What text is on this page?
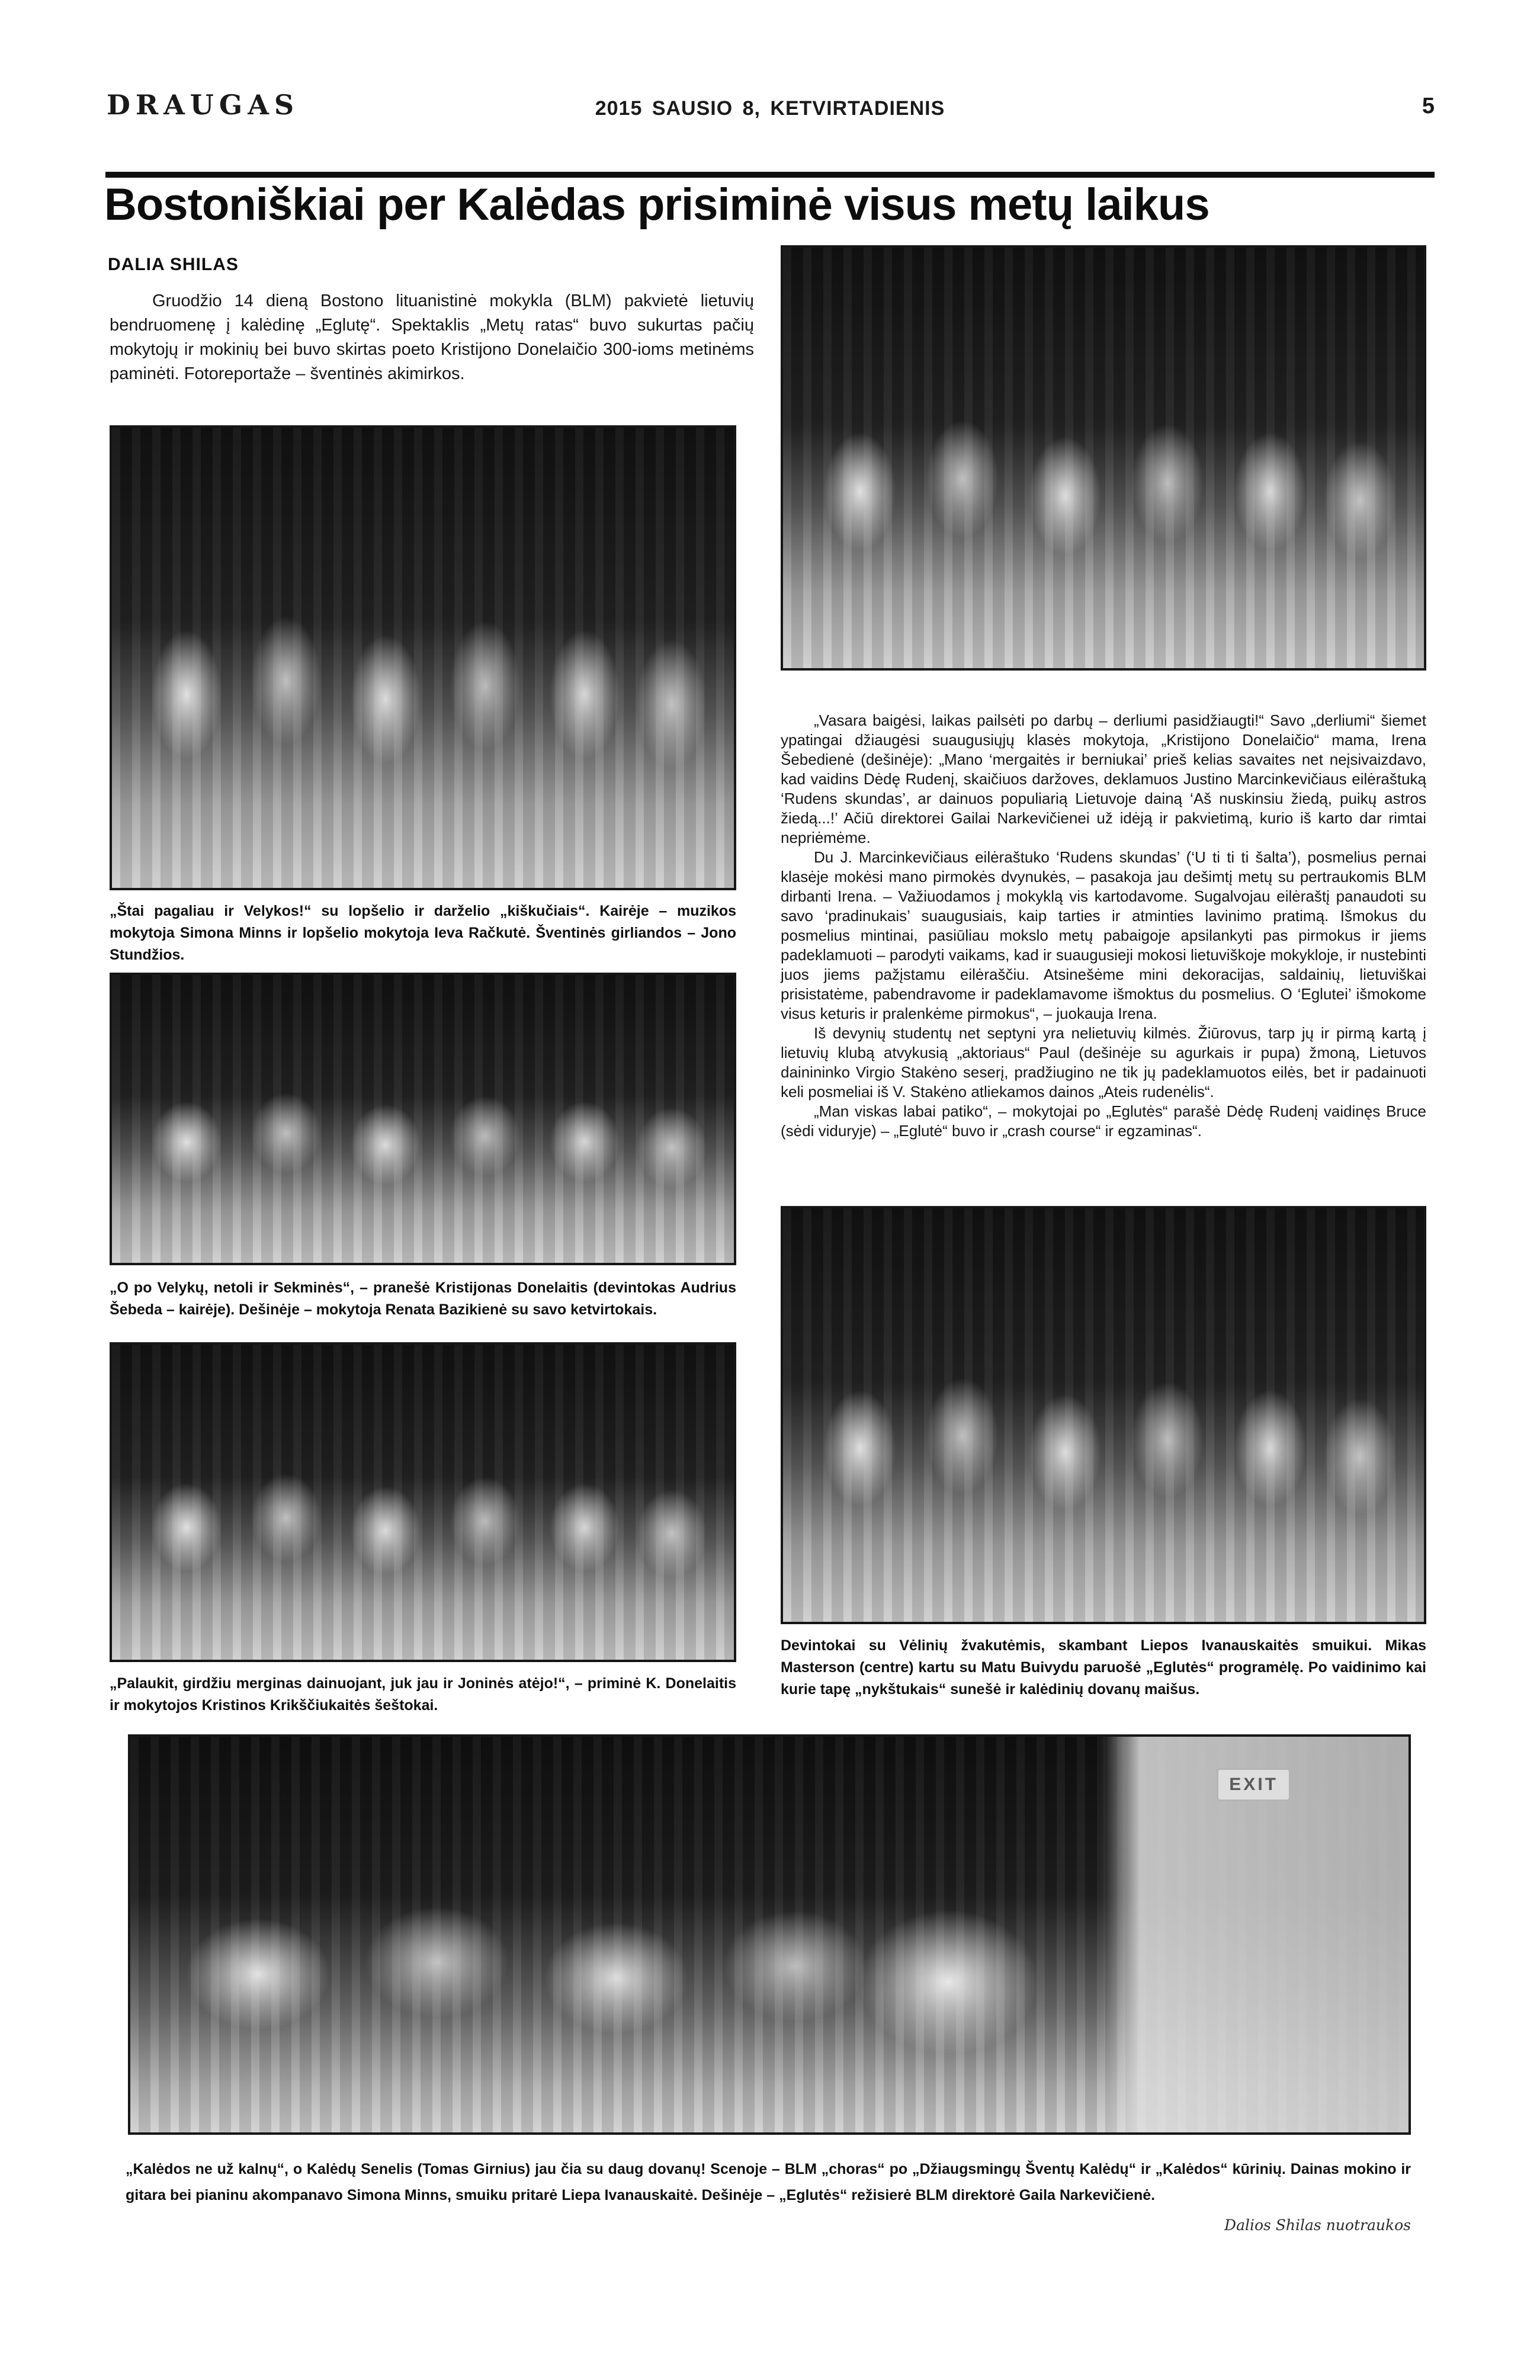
DRAUGAS	2015 SAUSIO 8, KETVIRTADIENIS	5
Bostoniškiai per Kalėdas prisiminė visus metų laikus
DALIA SHILAS

Gruodžio 14 dieną Bostono lituanistinė mokykla (BLM) pakvietė lietuvių bendruomenę į kalėdinę „Eglutę“. Spektaklis „Metų ratas“ buvo sukurtas pačių mokytojų ir mokinių bei buvo skirtas poeto Kristijono Donelaičio 300-ioms metinėms paminėti. Fotoreportaže – šventinės akimirkos.

„Štai pagaliau ir Velykos!“ su lopšelio ir darželio „kiškučiais“. Kairėje – muzikos mokytoja Simona Minns ir lopšelio mokytoja Ieva Račkutė. Šventinės girliandos – Jono Stundžios.
„O po Velykų, netoli ir Sekminės“, – pranešė Kristijonas Donelaitis (devintokas Audrius Šebeda – kairėje). Dešinėje – mokytoja Renata Bazikienė su savo ketvirtokais.
„Palaukit, girdžiu merginas dainuojant, juk jau ir Joninės atėjo!“, – priminė K. Donelaitis ir mokytojos Kristinos Krikščiukaitės šeštokai.

„Vasara baigėsi, laikas pailsėti po darbų – derliumi pasidžiaugti!“ Savo „derliumi“ šiemet ypatingai džiaugėsi suaugusiųjų klasės mokytoja, „Kristijono Donelaičio“ mama, Irena Šebedienė (dešinėje): „Mano ‘mergaitės ir berniukai’ prieš kelias savaites net neįsivaizdavo, kad vaidins Dėdę Rudenį, skaičiuos daržoves, deklamuos Justino Marcinkevičiaus eilėraštuką ‘Rudens skundas’, ar dainuos populiarią Lietuvoje dainą ‘Aš nuskinsiu žiedą, puikų astros žiedą...!’ Ačiū direktorei Gailai Narkevičienei už idėją ir pakvietimą, kurio iš karto dar rimtai nepriėmėme.

Du J. Marcinkevičiaus eilėraštuko ‘Rudens skundas’ (‘U ti ti ti šalta’), posmelius pernai klasėje mokėsi mano pirmokės dvynukės, – pasakoja jau dešimtį metų su pertraukomis BLM dirbanti Irena. – Važiuodamos į mokyklą vis kartodavome. Sugalvojau eilėraštį panaudoti su savo ‘pradinukais’ suaugusiais, kaip tarties ir atminties lavinimo pratimą. Išmokus du posmelius mintinai, pasiūliau mokslo metų pabaigoje apsilankyti pas pirmokus ir jiems padeklamuoti – parodyti vaikams, kad ir suaugusieji mokosi lietuviškoje mokykloje, ir nustebinti juos jiems pažįstamu eilėraščiu. Atsinešėme mini dekoracijas, saldainių, lietuviškai prisistatėme, pabendravome ir padeklamavome išmoktus du posmelius. O ‘Eglutei’ išmokome visus keturis ir pralenkėme pirmokus“, – juokauja Irena.

Iš devynių studentų net septyni yra nelietuvių kilmės. Žiūrovus, tarp jų ir pirmą kartą į lietuvių klubą atvykusią „aktoriaus“ Paul (dešinėje su agurkais ir pupa) žmoną, Lietuvos dainininko Virgio Stakėno seserį, pradžiugino ne tik jų padeklamuotos eilės, bet ir padainuoti keli posmeliai iš V. Stakėno atliekamos dainos „Ateis rudenėlis“.

„Man viskas labai patiko“, – mokytojai po „Eglutės“ parašė Dėdę Rudenį vaidinęs Bruce (sėdi viduryje) – „Eglutė“ buvo ir „crash course“ ir egzaminas“.

Devintokai su Vėlinių žvakutėmis, skambant Liepos Ivanauskaitės smuikui. Mikas Masterson (centre) kartu su Matu Buivydu paruošė „Eglutės“ programėlę. Po vaidinimo kai kurie tapę „nykštukais“ sunešė ir kalėdinių dovanų maišus.
EXIT
„Kalėdos ne už kalnų“, o Kalėdų Senelis (Tomas Girnius) jau čia su daug dovanų! Scenoje – BLM „choras“ po „Džiaugsmingų Šventų Kalėdų“ ir „Kalėdos“ kūrinių. Dainas mokino ir gitara bei pianinu akompanavo Simona Minns, smuiku pritarė Liepa Ivanauskaitė. Dešinėje – „Eglutės“ režisierė BLM direktorė Gaila Narkevičienė.
Dalios Shilas nuotraukos
